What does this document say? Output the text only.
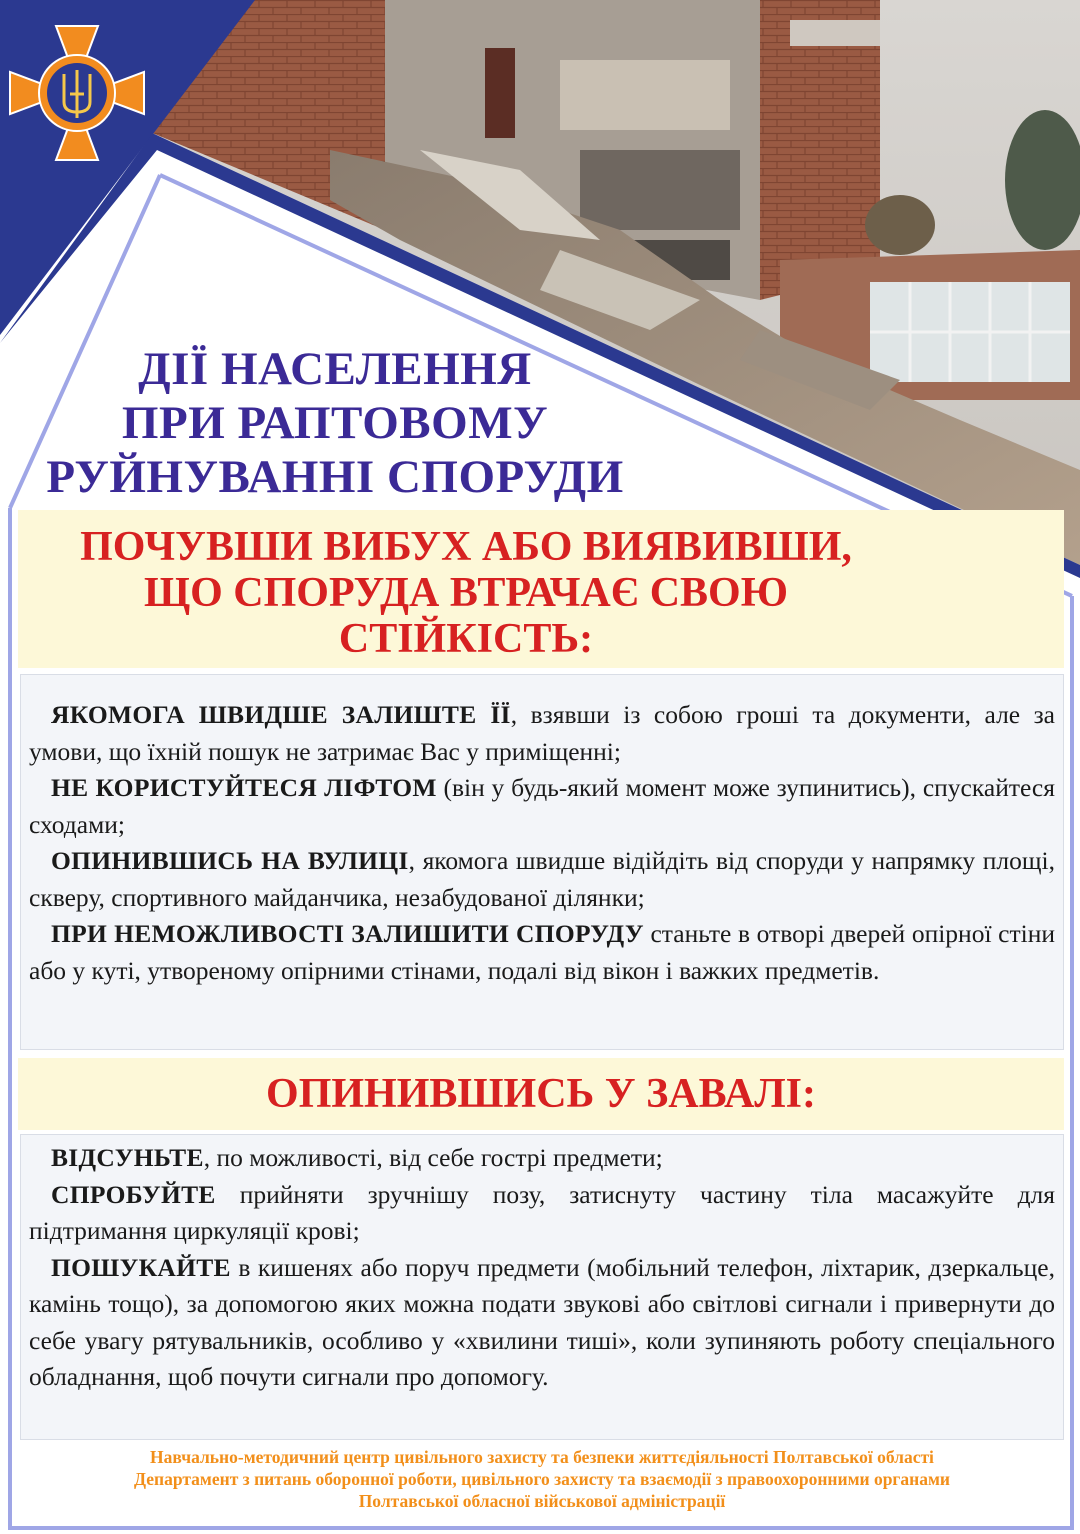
ДІЇ НАСЕЛЕННЯ
ПРИ РАПТОВОМУ
РУЙНУВАННІ СПОРУДИ
ПОЧУВШИ ВИБУХ АБО ВИЯВИВШИ,
ЩО СПОРУДА ВТРАЧАЄ СВОЮ
СТІЙКІСТЬ:

ЯКОМОГА ШВИДШЕ ЗАЛИШТЕ ЇЇ, взявши із собою гроші та документи, але за умови, що їхній пошук не затримає Вас у приміщенні;

НЕ КОРИСТУЙТЕСЯ ЛІФТОМ (він у будь-який момент може зупинитись), спускайтеся сходами;

ОПИНИВШИСЬ НА ВУЛИЦІ, якомога швидше відійдіть від споруди у напрямку площі, скверу, спортивного майданчика, незабудованої ділянки;

ПРИ НЕМОЖЛИВОСТІ ЗАЛИШИТИ СПОРУДУ станьте в отворі дверей опірної стіни або у куті, утвореному опірними стінами, подалі від вікон і важких предметів.

ОПИНИВШИСЬ У ЗАВАЛІ:

ВІДСУНЬТЕ, по можливості, від себе гострі предмети;

СПРОБУЙТЕ прийняти зручнішу позу, затиснуту частину тіла масажуйте для підтримання циркуляції крові;

ПОШУКАЙТЕ в кишенях або поруч предмети (мобільний телефон, ліхтарик, дзеркальце, камінь тощо), за допомогою яких можна подати звукові або світлові сигнали і привернути до себе увагу рятувальників, особливо у «хвилини тиші», коли зупиняють роботу спеціального обладнання, щоб почути сигнали про допомогу.

Навчально-методичний центр цивільного захисту та безпеки життєдіяльності Полтавської області
Департамент з питань оборонної роботи, цивільного захисту та взаємодії з правоохоронними органами
Полтавської обласної військової адміністрації
